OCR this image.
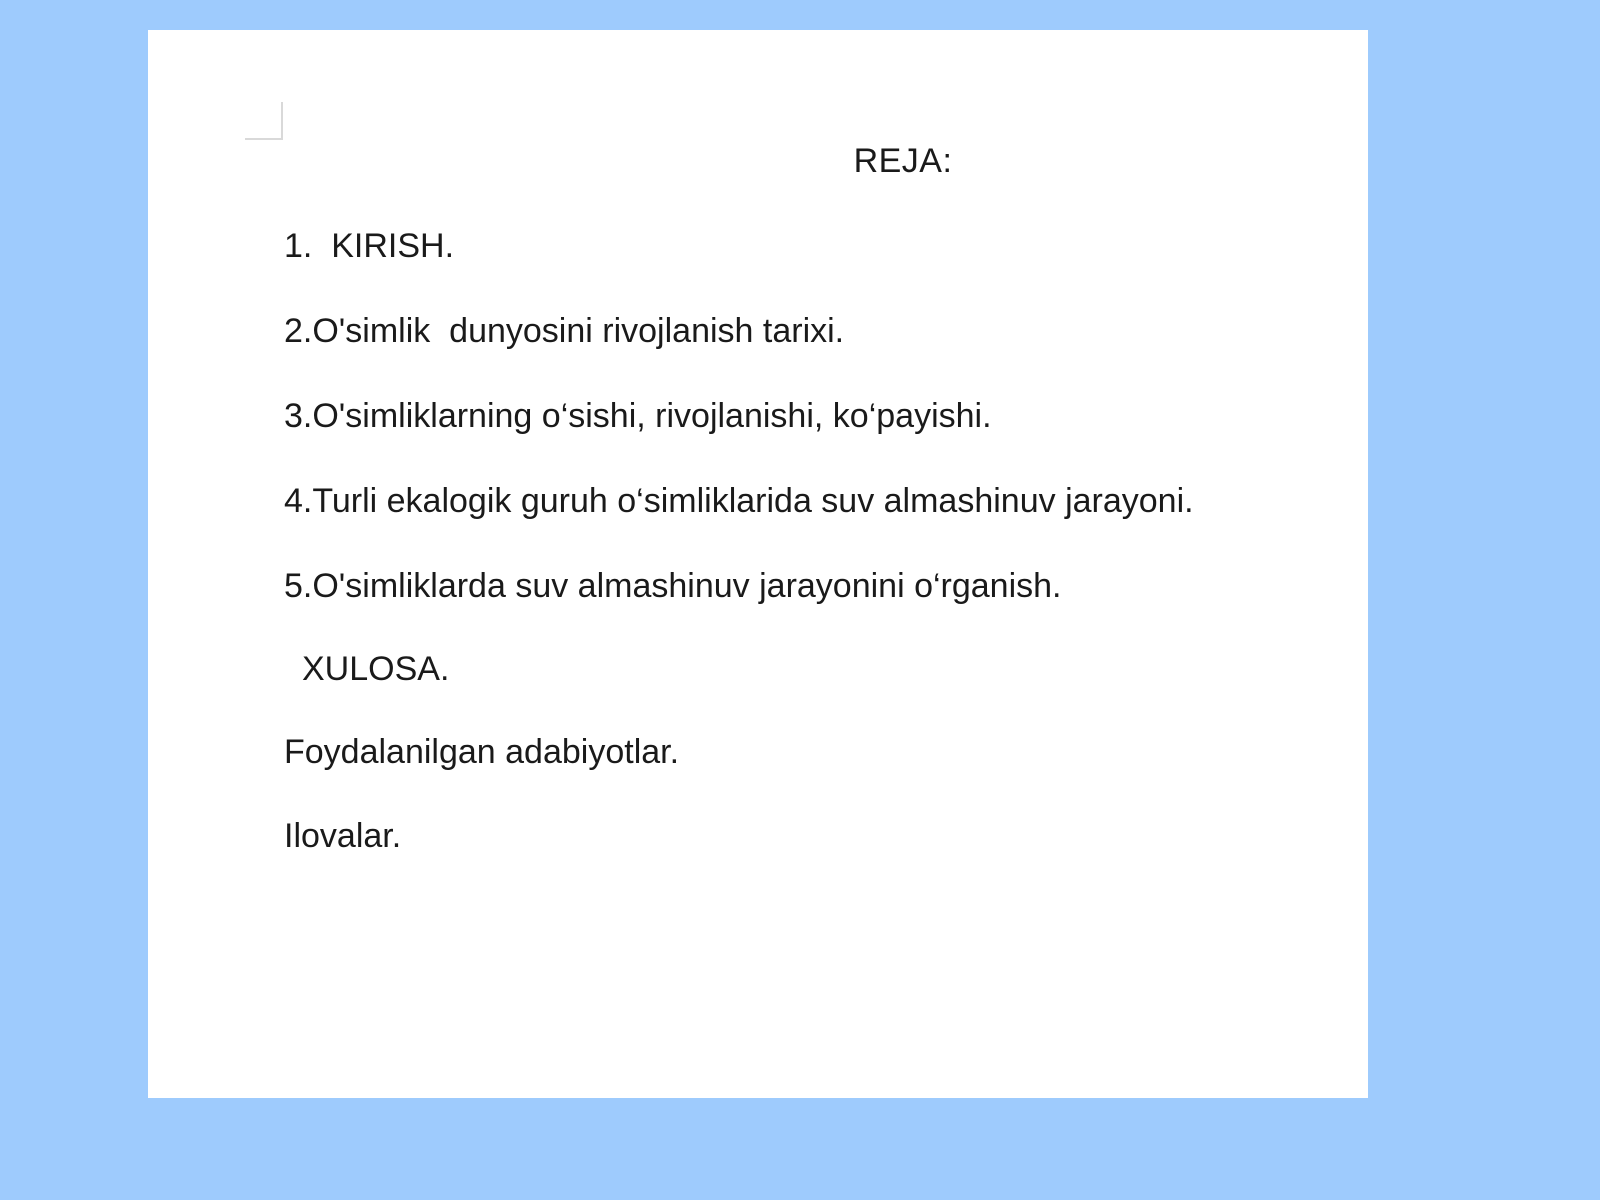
REJA:
1.  KIRISH.
2.O'simlik  dunyosini rivojlanish tarixi.
3.O'simliklarning o‘sishi, rivojlanishi, ko‘payishi.
4.Turli ekalogik guruh o‘simliklarida suv almashinuv jarayoni.
5.O'simliklarda suv almashinuv jarayonini o‘rganish.
XULOSA.
Foydalanilgan adabiyotlar.
Ilovalar.
